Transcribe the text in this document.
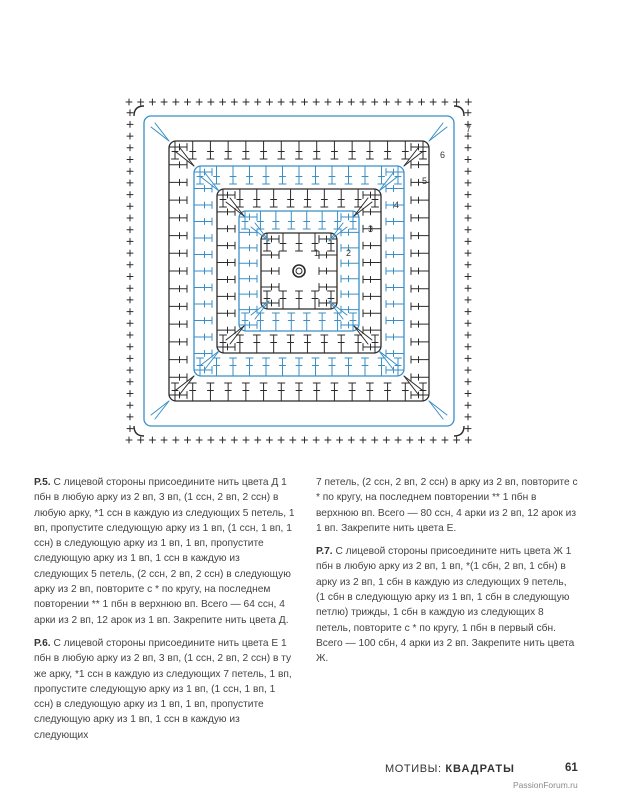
1	2
3
4
5
6
7

Р.5. С лицевой стороны присоедините нить цвета Д 1 пбн в любую арку из 2 вп, 3 вп, (1 ссн, 2 вп, 2 ссн) в любую арку, *1 ссн в каждую из следующих 5 петель, 1 вп, пропустите следующую арку из 1 вп, (1 ссн, 1 вп, 1 ссн) в следующую арку из 1 вп, 1 вп, пропустите следующую арку из 1 вп, 1 ссн в каждую из следующих 5 петель, (2 ссн, 2 вп, 2 ссн) в следующую арку из 2 вп, повторите с * по кругу, на последнем повторении ** 1 пбн в верхнюю вп. Всего — 64 ссн, 4 арки из 2 вп, 12 арок из 1 вп. Закрепите нить цвета Д.

Р.6. С лицевой стороны присоедините нить цвета Е 1 пбн в любую арку из 2 вп, 3 вп, (1 ссн, 2 вп, 2 ссн) в ту же арку, *1 ссн в каждую из следующих 7 петель, 1 вп, пропустите следующую арку из 1 вп, (1 ссн, 1 вп, 1 ссн) в следующую арку из 1 вп, 1 вп, пропустите следующую арку из 1 вп, 1 ссн в каждую из следующих

7 петель, (2 ссн, 2 вп, 2 ссн) в арку из 2 вп, повторите с * по кругу, на последнем повторении ** 1 пбн в верхнюю вп. Всего — 80 ссн, 4 арки из 2 вп, 12 арок из 1 вп. Закрепите нить цвета Е.

Р.7. С лицевой стороны присоедините нить цвета Ж 1 пбн в любую арку из 2 вп, 1 вп, *(1 сбн, 2 вп, 1 сбн) в арку из 2 вп, 1 сбн в каждую из следующих 9 петель, (1 сбн в следующую арку из 1 вп, 1 сбн в следующую петлю) трижды, 1 сбн в каждую из следующих 8 петель, повторите с * по кругу, 1 пбн в первый сбн. Всего — 100 сбн, 4 арки из 2 вп. Закрепите нить цвета Ж.

МОТИВЫ: КВАДРАТЫ	61
PassionForum.ru
